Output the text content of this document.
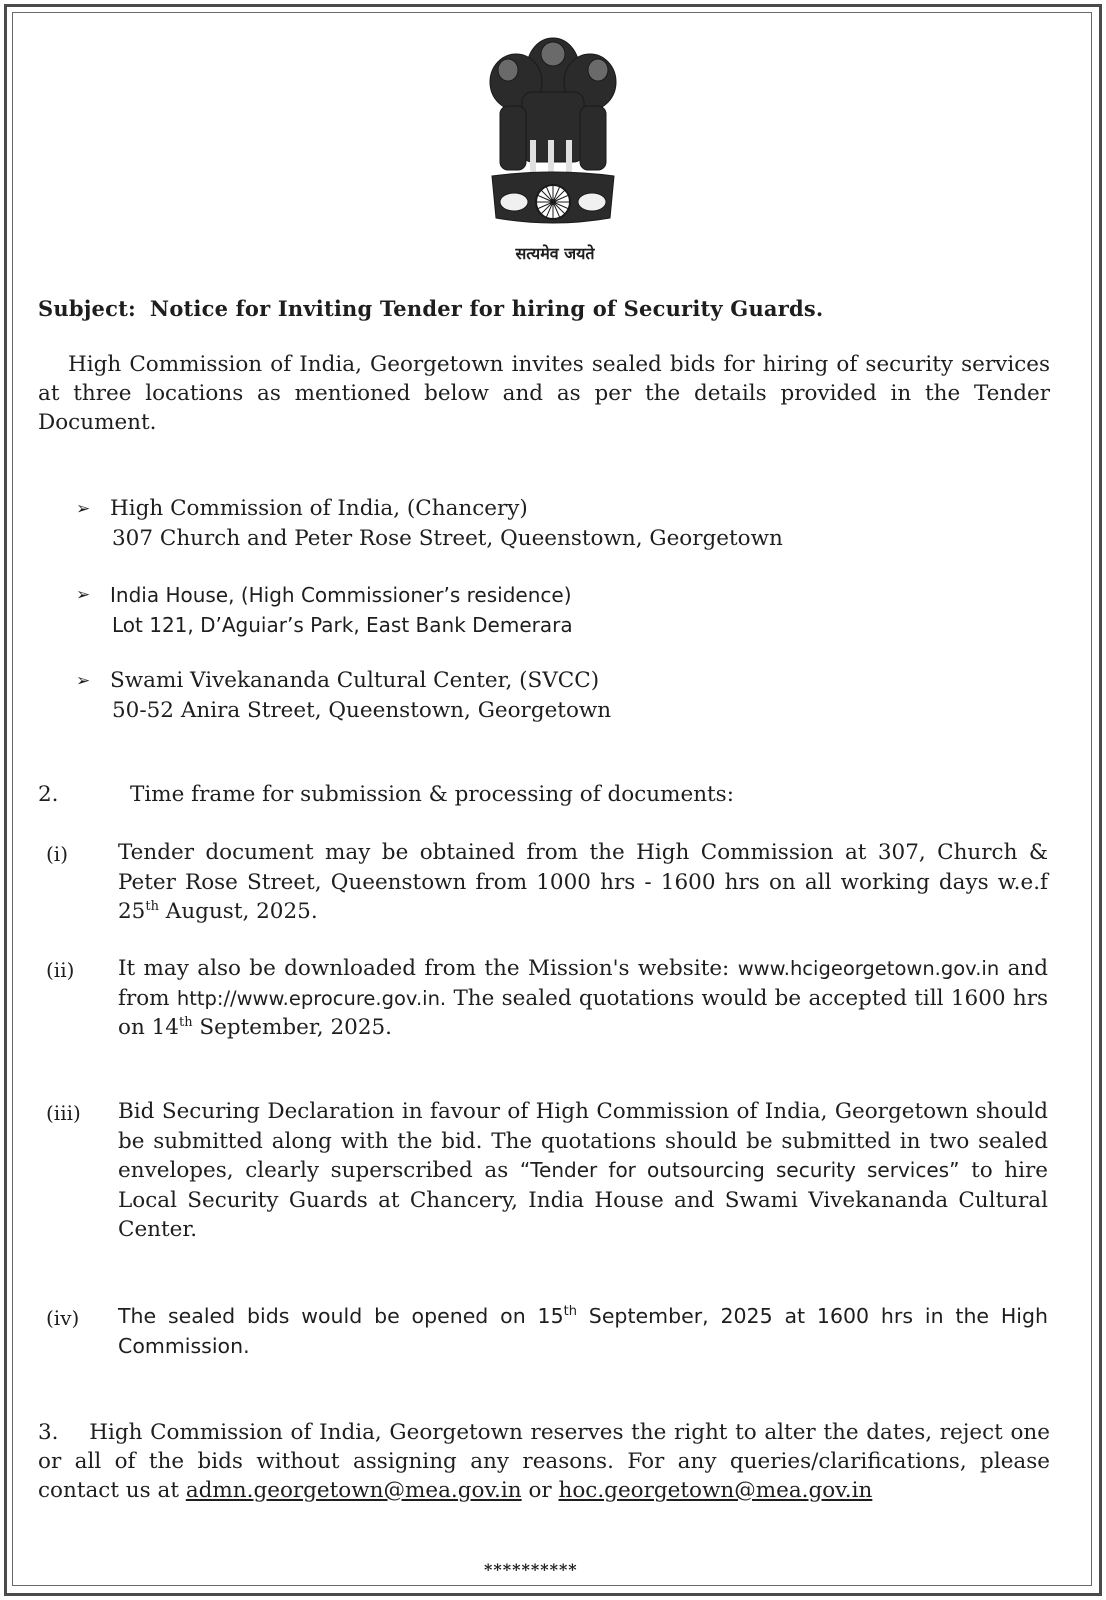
सत्यमेव जयते
Subject: Notice for Inviting Tender for hiring of Security Guards.
High Commission of India, Georgetown invites sealed bids for hiring of security services at three locations as mentioned below and as per the details provided in the Tender Document.
➢ High Commission of India, (Chancery)
307 Church and Peter Rose Street, Queenstown, Georgetown
➢ India House, (High Commissioner’s residence)
Lot 121, D’Aguiar’s Park, East Bank Demerara
➢ Swami Vivekananda Cultural Center, (SVCC)
50-52 Anira Street, Queenstown, Georgetown
2.	Time frame for submission & processing of documents:
(i) Tender document may be obtained from the High Commission at 307, Church & Peter Rose Street, Queenstown from 1000 hrs - 1600 hrs on all working days w.e.f 25th August, 2025.
(ii) It may also be downloaded from the Mission's website: www.hcigeorgetown.gov.in and from http://www.eprocure.gov.in. The sealed quotations would be accepted till 1600 hrs on 14th September, 2025.
(iii) Bid Securing Declaration in favour of High Commission of India, Georgetown should be submitted along with the bid. The quotations should be submitted in two sealed envelopes, clearly superscribed as “Tender for outsourcing security services” to hire Local Security Guards at Chancery, India House and Swami Vivekananda Cultural Center.
(iv) The sealed bids would be opened on 15th September, 2025 at 1600 hrs in the High Commission.
3. High Commission of India, Georgetown reserves the right to alter the dates, reject one or all of the bids without assigning any reasons. For any queries/clarifications, please contact us at admn.georgetown@mea.gov.in or hoc.georgetown@mea.gov.in
**********
